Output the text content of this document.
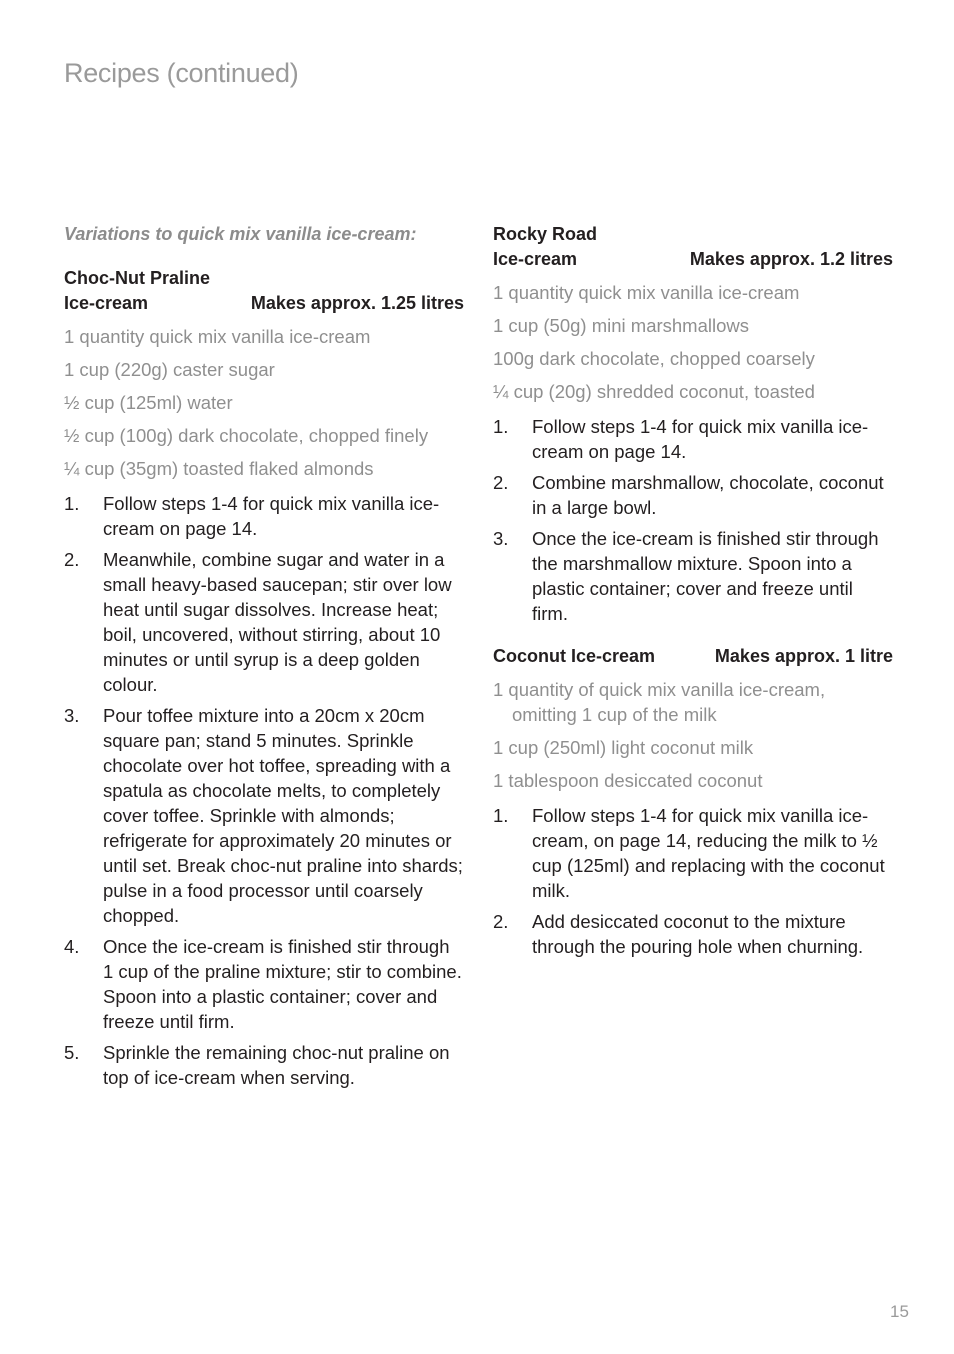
Recipes (continued)
Variations to quick mix vanilla ice-cream:
Choc-Nut Praline
Ice-cream	Makes approx. 1.25 litres
1 quantity quick mix vanilla ice-cream
1 cup (220g) caster sugar
½ cup (125ml) water
½ cup (100g) dark chocolate, chopped finely
¼ cup (35gm) toasted flaked almonds
1.	Follow steps 1-4 for quick mix vanilla ice-cream on page 14.
2.	Meanwhile, combine sugar and water in a small heavy-based saucepan; stir over low heat until sugar dissolves. Increase heat; boil, uncovered, without stirring, about 10 minutes or until syrup is a deep golden colour.
3.	Pour toffee mixture into a 20cm x 20cm square pan; stand 5 minutes. Sprinkle chocolate over hot toffee, spreading with a spatula as chocolate melts, to completely cover toffee. Sprinkle with almonds; refrigerate for approximately 20 minutes or until set. Break choc-nut praline into shards; pulse in a food processor until coarsely chopped.
4.	Once the ice-cream is finished stir through 1 cup of the praline mixture; stir to combine. Spoon into a plastic container; cover and freeze until firm.
5.	Sprinkle the remaining choc-nut praline on top of ice-cream when serving.
Rocky Road
Ice-cream	Makes approx. 1.2 litres
1 quantity quick mix vanilla ice-cream
1 cup (50g) mini marshmallows
100g dark chocolate, chopped coarsely
¼ cup (20g) shredded coconut, toasted
1.	Follow steps 1-4 for quick mix vanilla ice-cream on page 14.
2.	Combine marshmallow, chocolate, coconut in a large bowl.
3.	Once the ice-cream is finished stir through the marshmallow mixture. Spoon into a plastic container; cover and freeze until firm.
Coconut Ice-cream	Makes approx. 1 litre
1 quantity of quick mix vanilla ice-cream, omitting 1 cup of the milk
1 cup (250ml) light coconut milk
1 tablespoon desiccated coconut
1.	Follow steps 1-4 for quick mix vanilla ice-cream, on page 14, reducing the milk to ½ cup (125ml) and replacing with the coconut milk.
2.	Add desiccated coconut to the mixture through the pouring hole when churning.
15
